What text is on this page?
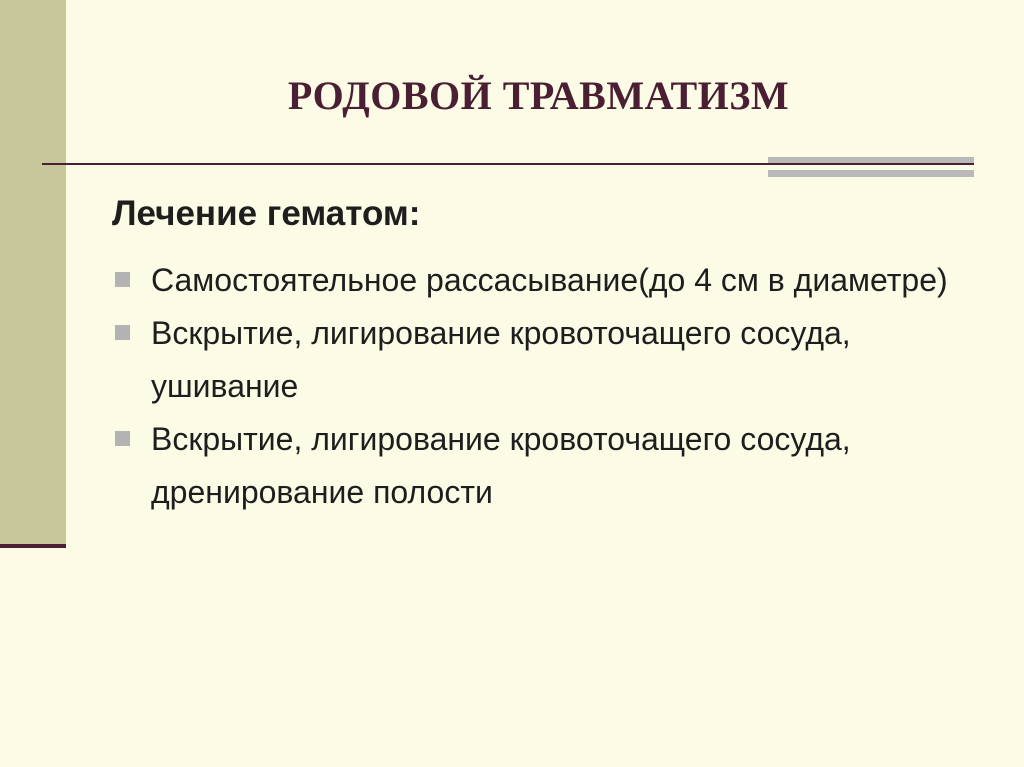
РОДОВОЙ ТРАВМАТИЗМ

Лечение гематом:

Самостоятельное рассасывание(до 4 см в диаметре)
Вскрытие, лигирование кровоточащего сосуда, ушивание
Вскрытие, лигирование кровоточащего сосуда, дренирование полости
